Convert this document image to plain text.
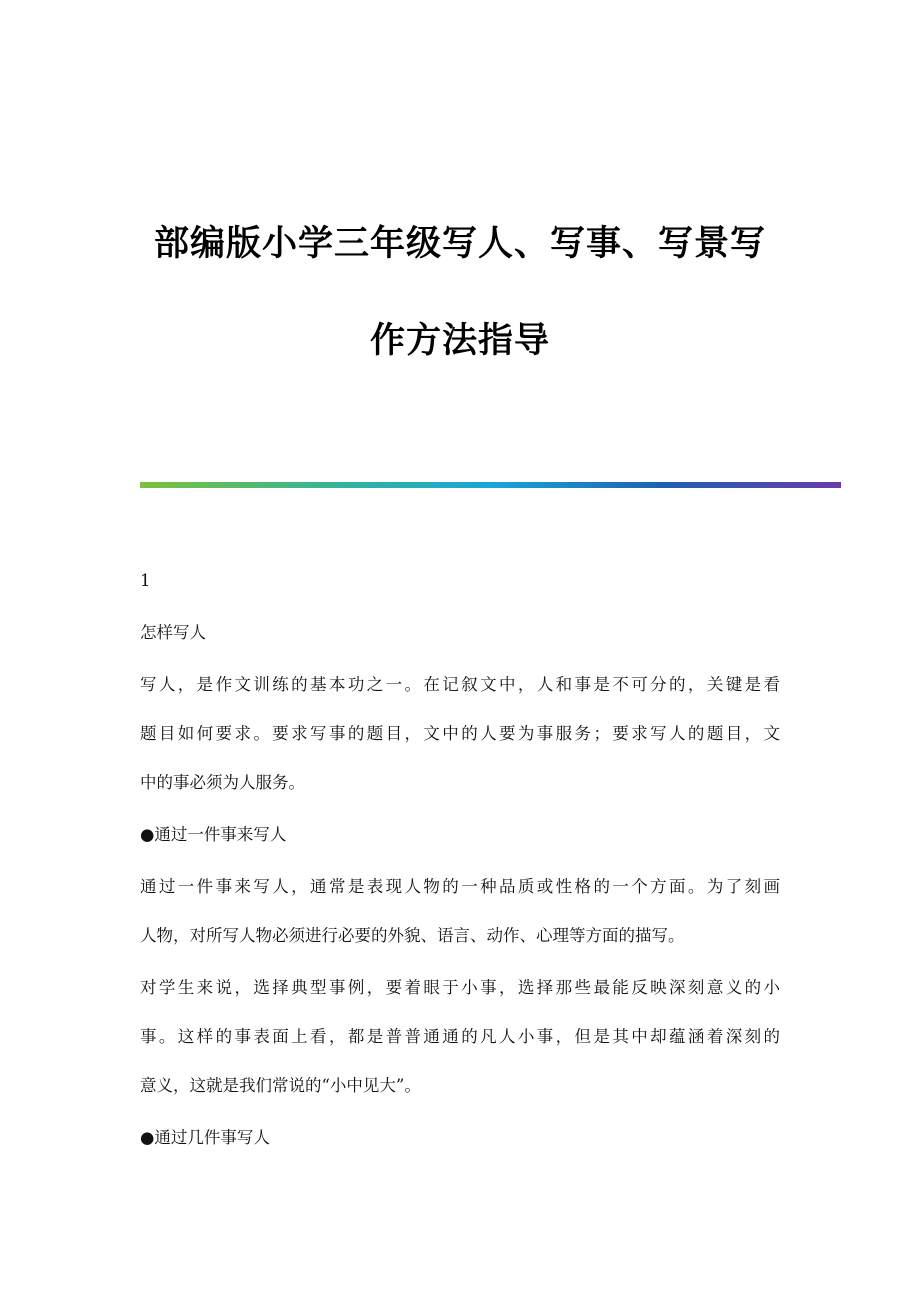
部编版小学三年级写人、写事、写景写
作方法指导

1

怎样写人

写人，是作文训练的基本功之一。在记叙文中，人和事是不可分的，关键是看

题目如何要求。要求写事的题目，文中的人要为事服务；要求写人的题目，文

中的事必须为人服务。

●通过一件事来写人

通过一件事来写人，通常是表现人物的一种品质或性格的一个方面。为了刻画

人物，对所写人物必须进行必要的外貌、语言、动作、心理等方面的描写。

对学生来说，选择典型事例，要着眼于小事，选择那些最能反映深刻意义的小

事。这样的事表面上看，都是普普通通的凡人小事，但是其中却蕴涵着深刻的

意义，这就是我们常说的“小中见大”。

●通过几件事写人
